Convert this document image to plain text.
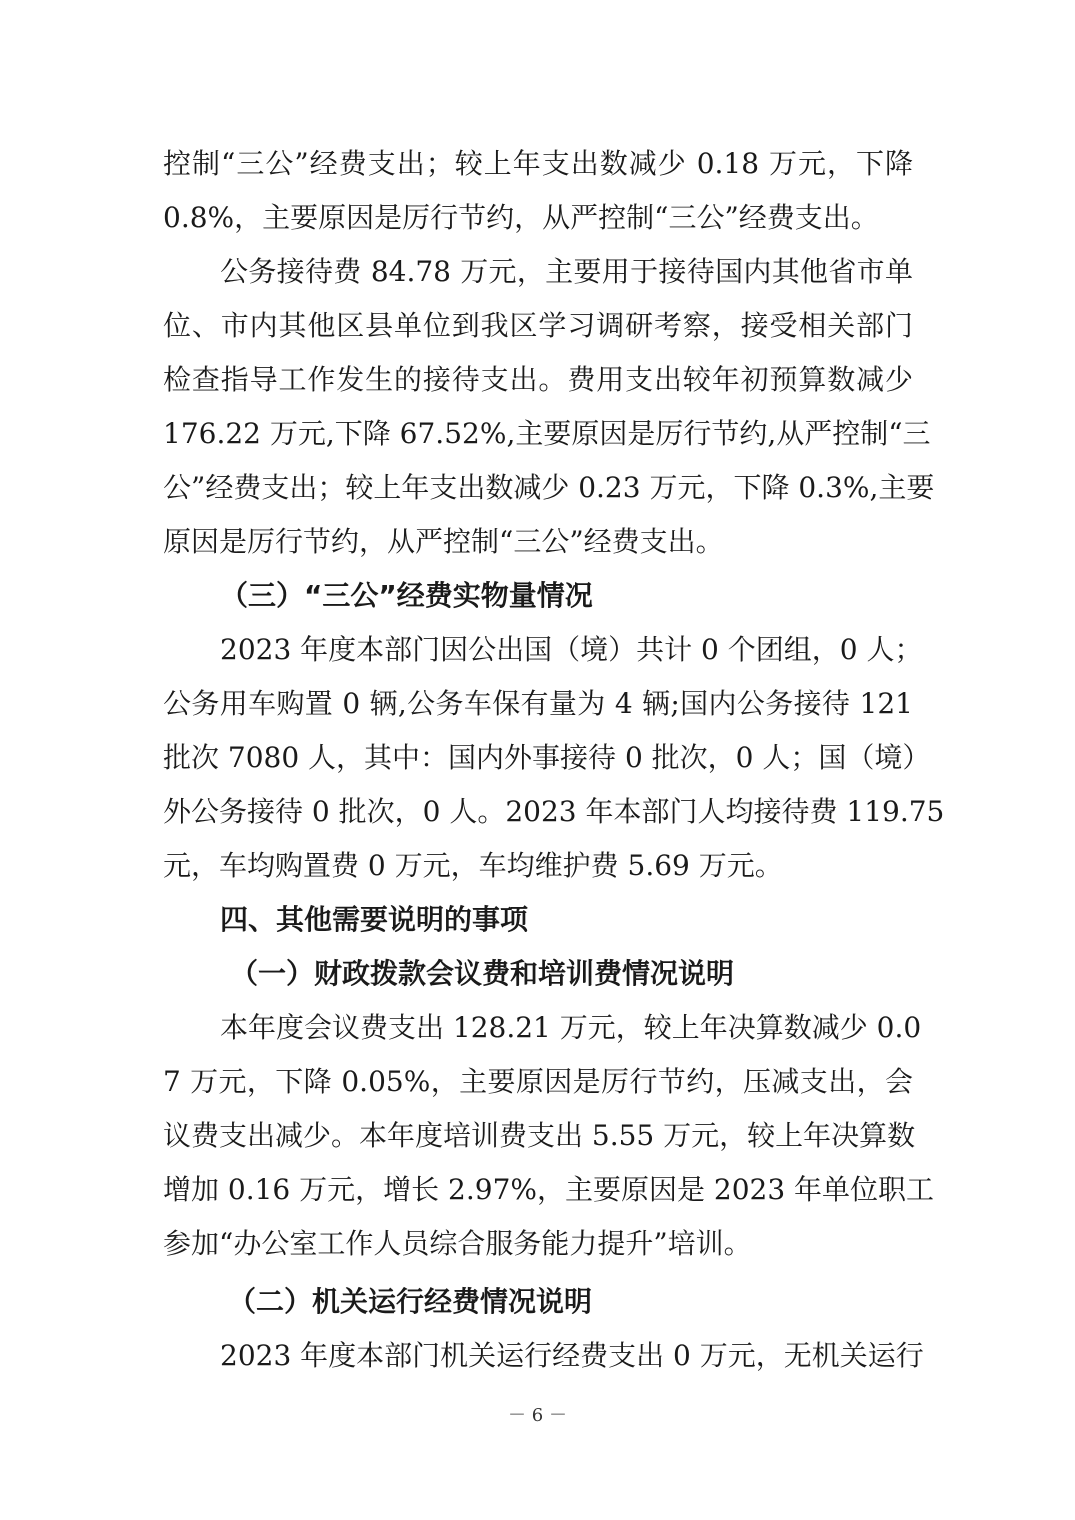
控制“三公”经费支出；较上年支出数减少 0.18 万元，下降
0.8%，主要原因是厉行节约，从严控制“三公”经费支出。
公务接待费 84.78 万元，主要用于接待国内其他省市单
位、市内其他区县单位到我区学习调研考察，接受相关部门
检查指导工作发生的接待支出。费用支出较年初预算数减少
176.22 万元,下降 67.52%,主要原因是厉行节约,从严控制“三
公”经费支出；较上年支出数减少 0.23 万元，下降 0.3%,主要
原因是厉行节约，从严控制“三公”经费支出。
（三）“三公”经费实物量情况
2023 年度本部门因公出国（境）共计 0 个团组，0 人；
公务用车购置 0 辆,公务车保有量为 4 辆;国内公务接待 121
批次 7080 人，其中：国内外事接待 0 批次，0 人；国（境）
外公务接待 0 批次，0 人。2023 年本部门人均接待费 119.75
元，车均购置费 0 万元，车均维护费 5.69 万元。
四、其他需要说明的事项
（一）财政拨款会议费和培训费情况说明
本年度会议费支出 128.21 万元，较上年决算数减少 0.0
7 万元，下降 0.05%，主要原因是厉行节约，压减支出，会
议费支出减少。本年度培训费支出 5.55 万元，较上年决算数
增加 0.16 万元，增长 2.97%，主要原因是 2023 年单位职工
参加“办公室工作人员综合服务能力提升”培训。
（二）机关运行经费情况说明
2023 年度本部门机关运行经费支出 0 万元，无机关运行
－ 6 －
